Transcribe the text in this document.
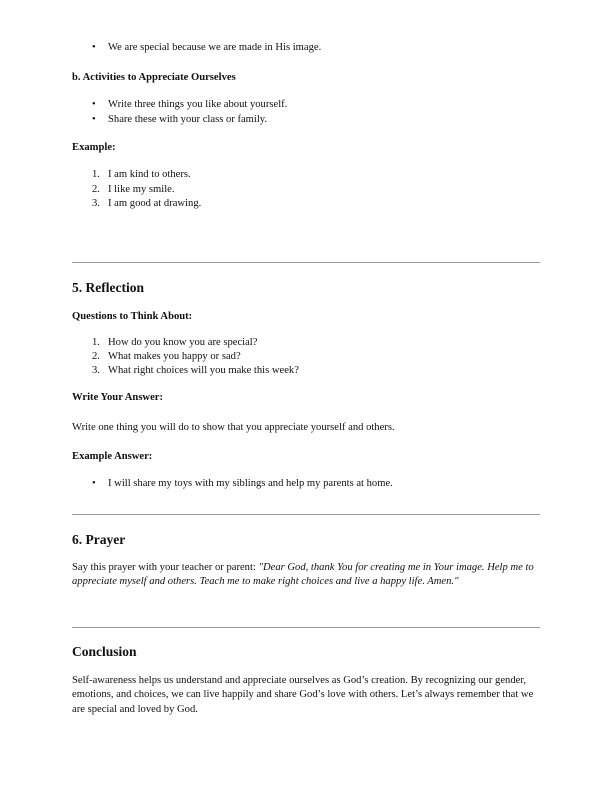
• We are special because we are made in His image.
b. Activities to Appreciate Ourselves
• Write three things you like about yourself.
• Share these with your class or family.
Example:
1. I am kind to others.
2. I like my smile.
3. I am good at drawing.
5. Reflection
Questions to Think About:
1. How do you know you are special?
2. What makes you happy or sad?
3. What right choices will you make this week?
Write Your Answer:
Write one thing you will do to show that you appreciate yourself and others.
Example Answer:
• I will share my toys with my siblings and help my parents at home.
6. Prayer
Say this prayer with your teacher or parent: "Dear God, thank You for creating me in Your image. Help me to appreciate myself and others. Teach me to make right choices and live a happy life. Amen."
Conclusion
Self-awareness helps us understand and appreciate ourselves as God’s creation. By recognizing our gender, emotions, and choices, we can live happily and share God’s love with others. Let’s always remember that we are special and loved by God.
